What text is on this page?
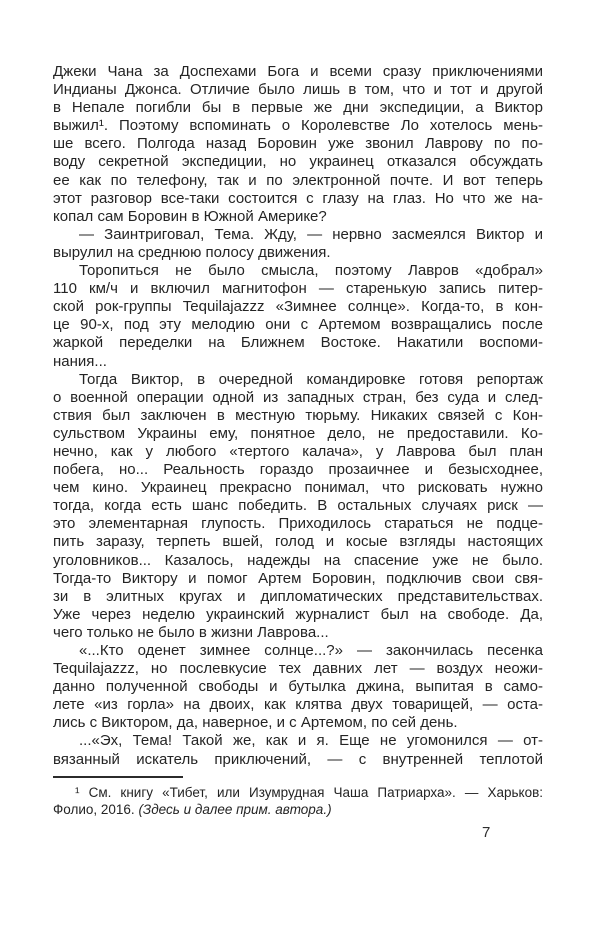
Джеки Чана за Доспехами Бога и всеми сразу приключениями
Индианы Джонса. Отличие было лишь в том, что и тот и другой
в Непале погибли бы в первые же дни экспедиции, а Виктор
выжил¹. Поэтому вспоминать о Королевстве Ло хотелось мень-
ше всего. Полгода назад Боровин уже звонил Лаврову по по-
воду секретной экспедиции, но украинец отказался обсуждать
ее как по телефону, так и по электронной почте. И вот теперь
этот разговор все-таки состоится с глазу на глаз. Но что же на-
копал сам Боровин в Южной Америке?
— Заинтриговал, Тема. Жду, — нервно засмеялся Виктор и
вырулил на среднюю полосу движения.
Торопиться не было смысла, поэтому Лавров «добрал»
110 км/ч и включил магнитофон — старенькую запись питер-
ской рок-группы Tequilajazzz «Зимнее солнце». Когда-то, в кон-
це 90-х, под эту мелодию они с Артемом возвращались после
жаркой переделки на Ближнем Востоке. Накатили воспоми-
нания...
Тогда Виктор, в очередной командировке готовя репортаж
о военной операции одной из западных стран, без суда и след-
ствия был заключен в местную тюрьму. Никаких связей с Кон-
сульством Украины ему, понятное дело, не предоставили. Ко-
нечно, как у любого «тертого калача», у Лаврова был план
побега, но... Реальность гораздо прозаичнее и безысходнее,
чем кино. Украинец прекрасно понимал, что рисковать нужно
тогда, когда есть шанс победить. В остальных случаях риск —
это элементарная глупость. Приходилось стараться не подце-
пить заразу, терпеть вшей, голод и косые взгляды настоящих
уголовников... Казалось, надежды на спасение уже не было.
Тогда-то Виктору и помог Артем Боровин, подключив свои свя-
зи в элитных кругах и дипломатических представительствах.
Уже через неделю украинский журналист был на свободе. Да,
чего только не было в жизни Лаврова...
«...Кто оденет зимнее солнце...?» — закончилась песенка
Tequilajazzz, но послевкусие тех давних лет — воздух неожи-
данно полученной свободы и бутылка джина, выпитая в само-
лете «из горла» на двоих, как клятва двух товарищей, — оста-
лись с Виктором, да, наверное, и с Артемом, по сей день.
...«Эх, Тема! Такой же, как и я. Еще не угомонился — от-
вязанный искатель приключений, — с внутренней теплотой
¹ См. книгу «Тибет, или Изумрудная Чаша Патриарха». — Харьков:
Фолио, 2016. (Здесь и далее прим. автора.)
7
